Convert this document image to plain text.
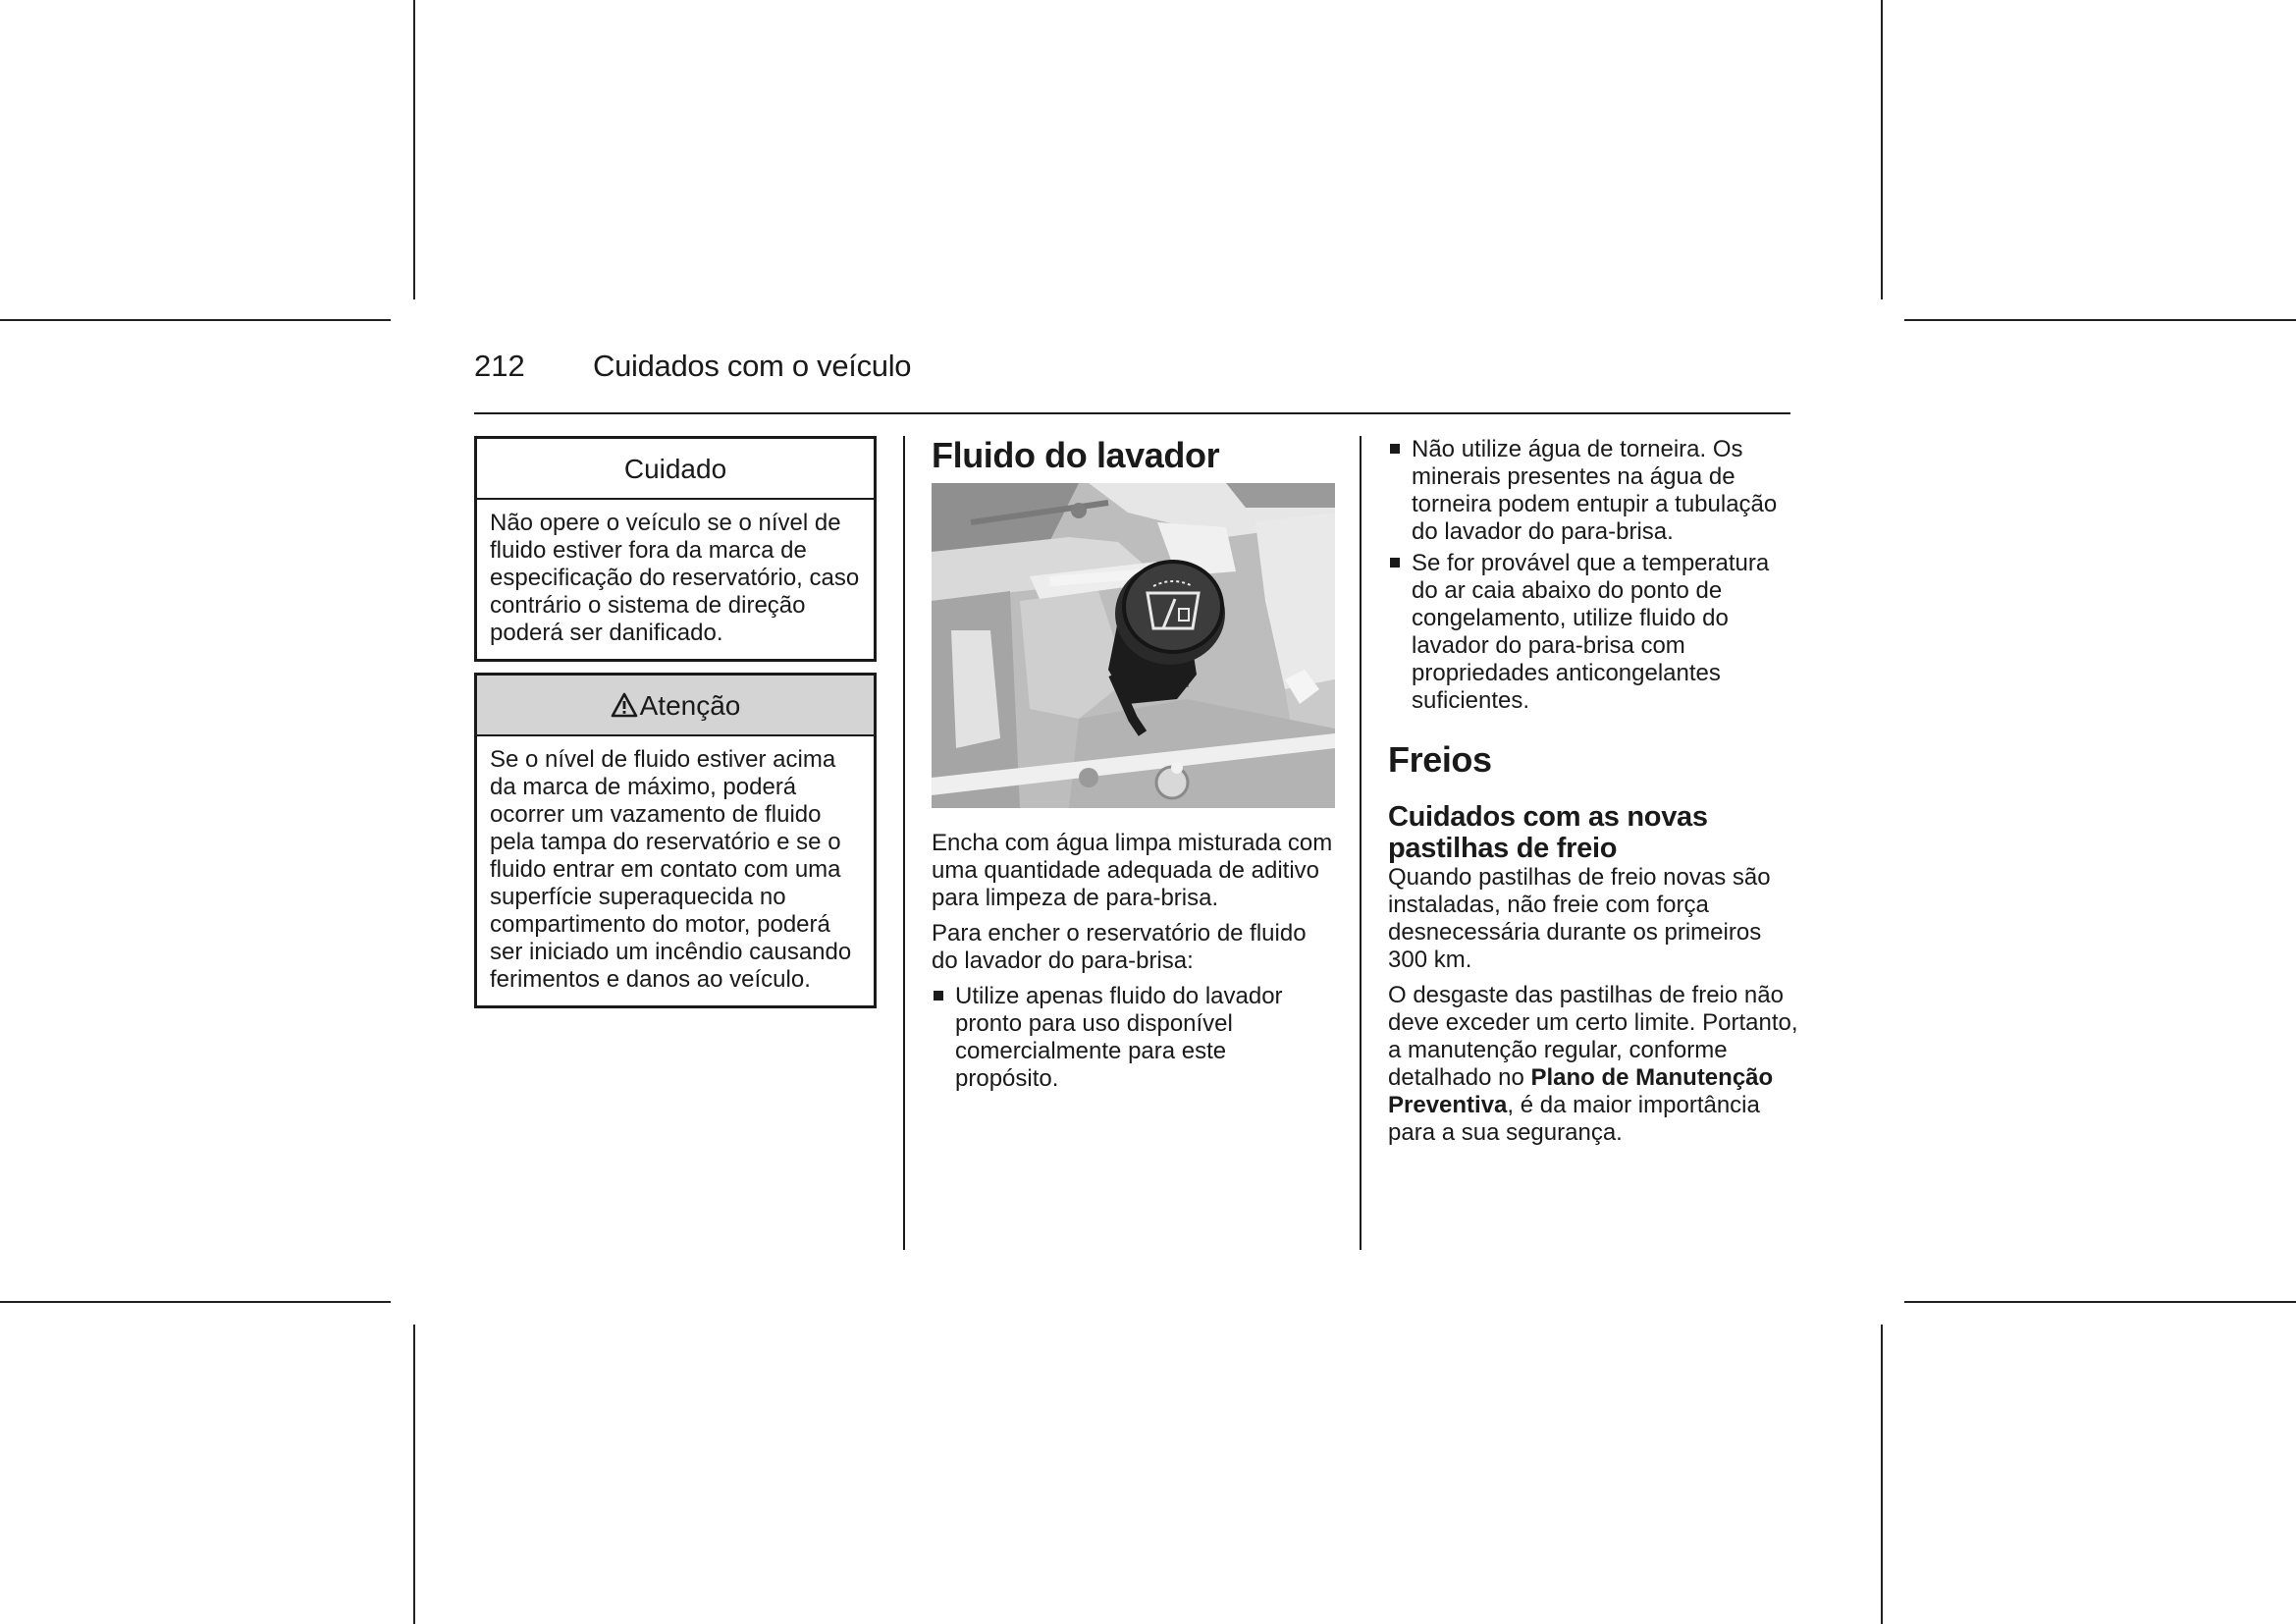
212 Cuidados com o veículo
Cuidado
Não opere o veículo se o nível de fluido estiver fora da marca de especificação do reservatório, caso contrário o sistema de direção poderá ser danificado.
Atenção
Se o nível de fluido estiver acima da marca de máximo, poderá ocorrer um vazamento de fluido pela tampa do reservatório e se o fluido entrar em contato com uma superfície superaquecida no compartimento do motor, poderá ser iniciado um incêndio causando ferimentos e danos ao veículo.
Fluido do lavador

Encha com água limpa misturada com uma quantidade adequada de aditivo para limpeza de para-brisa.

Para encher o reservatório de fluido do lavador do para-brisa:

Utilize apenas fluido do lavador pronto para uso disponível comercialmente para este propósito.
Não utilize água de torneira. Os minerais presentes na água de torneira podem entupir a tubulação do lavador do para-brisa.
Se for provável que a temperatura do ar caia abaixo do ponto de congelamento, utilize fluido do lavador do para-brisa com propriedades anticongelantes suficientes.
Freios
Cuidados com as novas pastilhas de freio

Quando pastilhas de freio novas são instaladas, não freie com força desnecessária durante os primeiros 300 km.

O desgaste das pastilhas de freio não deve exceder um certo limite. Portanto, a manutenção regular, conforme detalhado no Plano de Manutenção Preventiva, é da maior importância para a sua segurança.
